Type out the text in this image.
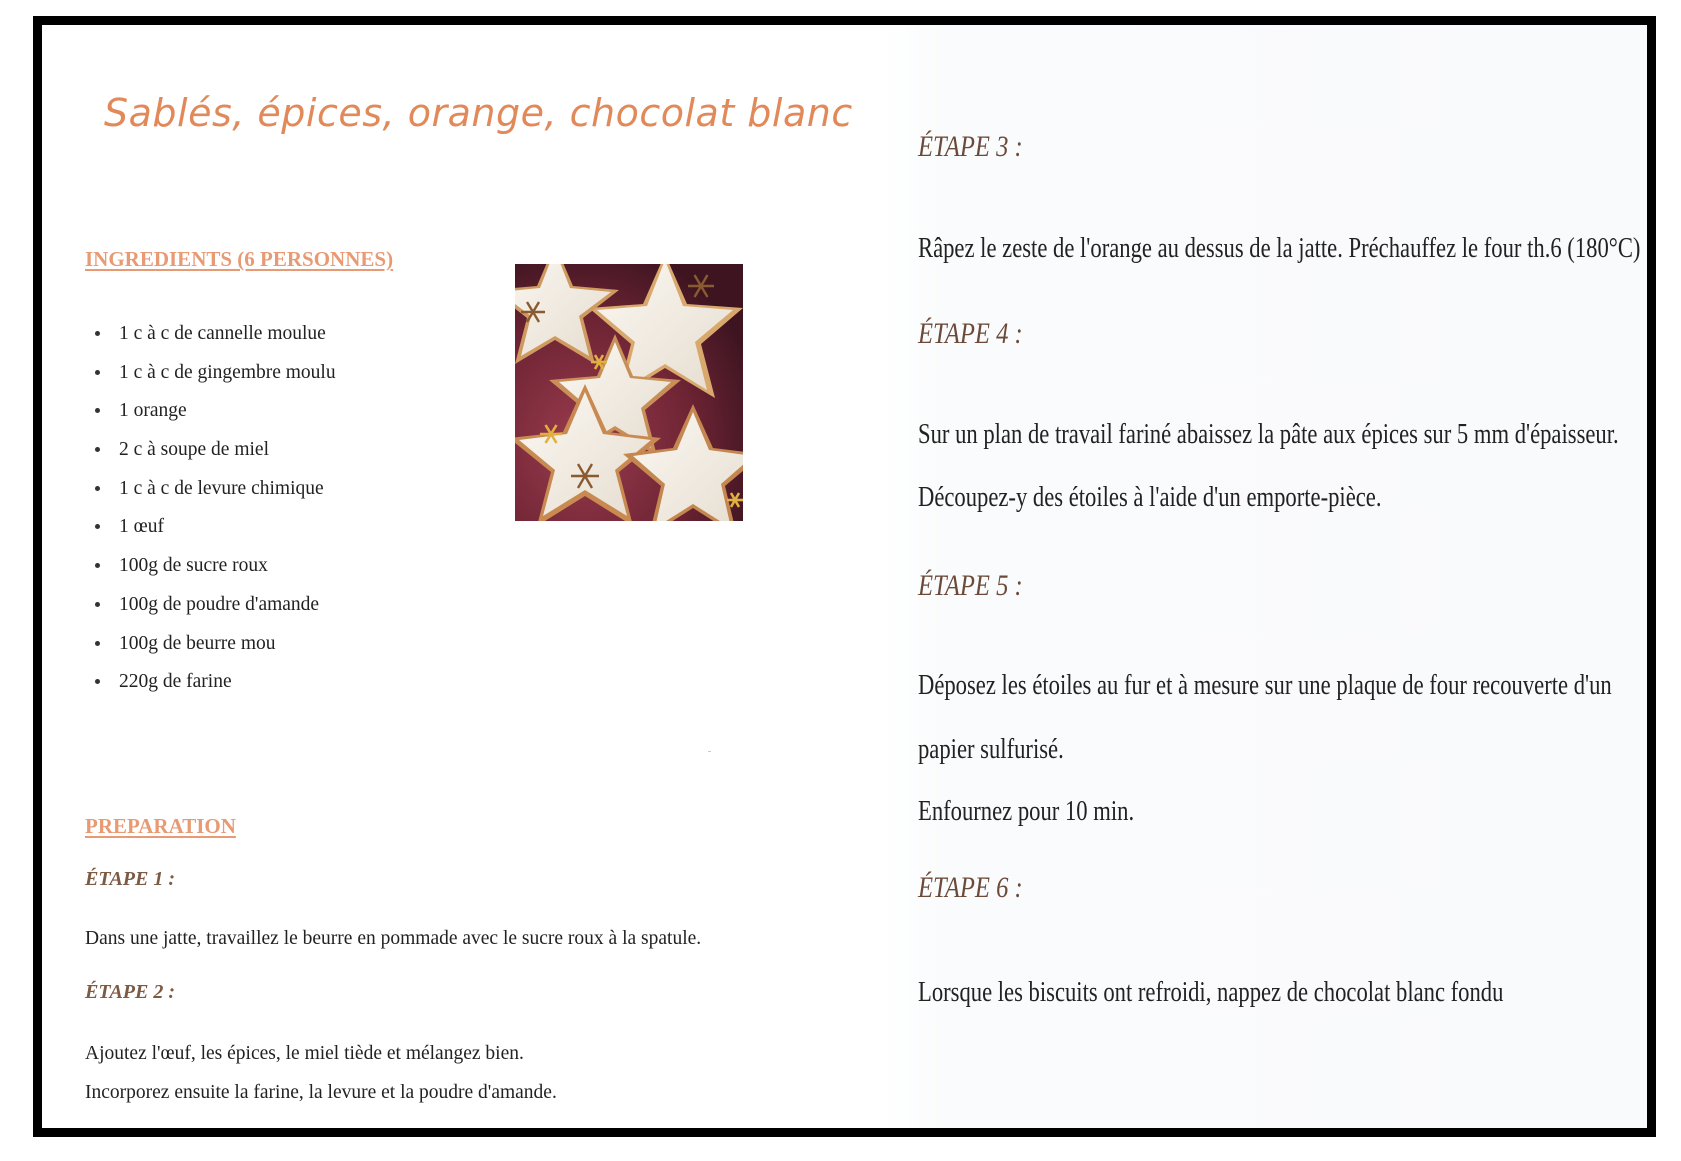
Sablés, épices, orange, chocolat blanc
INGREDIENTS (6 PERSONNES)
1 c à c de cannelle moulue
1 c à c de gingembre moulu
1 orange
2 c à soupe de miel
1 c à c de levure chimique
1 œuf
100g de sucre roux
100g de poudre d'amande
100g de beurre mou
220g de farine
PREPARATION
ÉTAPE 1 :
Dans une jatte, travaillez le beurre en pommade avec le sucre roux à la spatule.
ÉTAPE 2 :
Ajoutez l'œuf, les épices, le miel tiède et mélangez bien.
Incorporez ensuite la farine, la levure et la poudre d'amande.
ÉTAPE 3 :
Râpez le zeste de l'orange au dessus de la jatte. Préchauffez le four th.6 (180°C)
ÉTAPE 4 :
Sur un plan de travail fariné abaissez la pâte aux épices sur 5 mm d'épaisseur.
Découpez-y des étoiles à l'aide d'un emporte-pièce.
ÉTAPE 5 :
Déposez les étoiles au fur et à mesure sur une plaque de four recouverte d'un
papier sulfurisé.
Enfournez pour 10 min.
ÉTAPE 6 :
Lorsque les biscuits ont refroidi, nappez de chocolat blanc fondu
